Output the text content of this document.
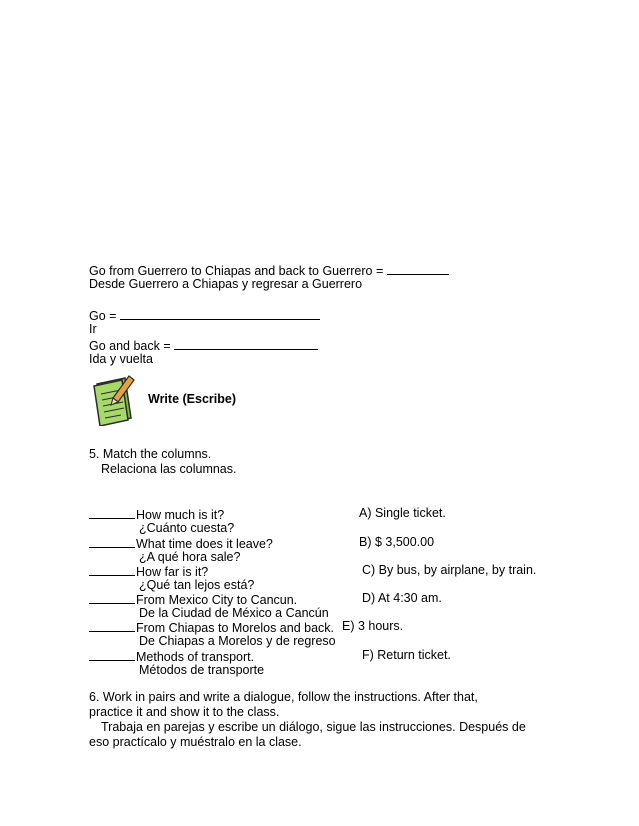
Go from Guerrero to Chiapas and back to Guerrero =
Desde Guerrero a Chiapas y regresar a Guerrero
Go =
Ir
Go and back =
Ida y vuelta
Write (Escribe)
5. Match the columns.
Relaciona las columnas.
How much is it?
¿Cuánto cuesta?
A) Single ticket.
What time does it leave?
¿A qué hora sale?
B) $ 3,500.00
How far is it?
¿Qué tan lejos está?
C) By bus, by airplane, by train.
From Mexico City to Cancun.
De la Ciudad de México a Cancún
D) At 4:30 am.
From Chiapas to Morelos and back.
De Chiapas a Morelos y de regreso
E) 3 hours.
Methods of transport.
Métodos de transporte
F) Return ticket.
6. Work in pairs and write a dialogue, follow the instructions. After that,
practice it and show it to the class.
Trabaja en parejas y escribe un diálogo, sigue las instrucciones. Después de
eso practícalo y muéstralo en la clase.
